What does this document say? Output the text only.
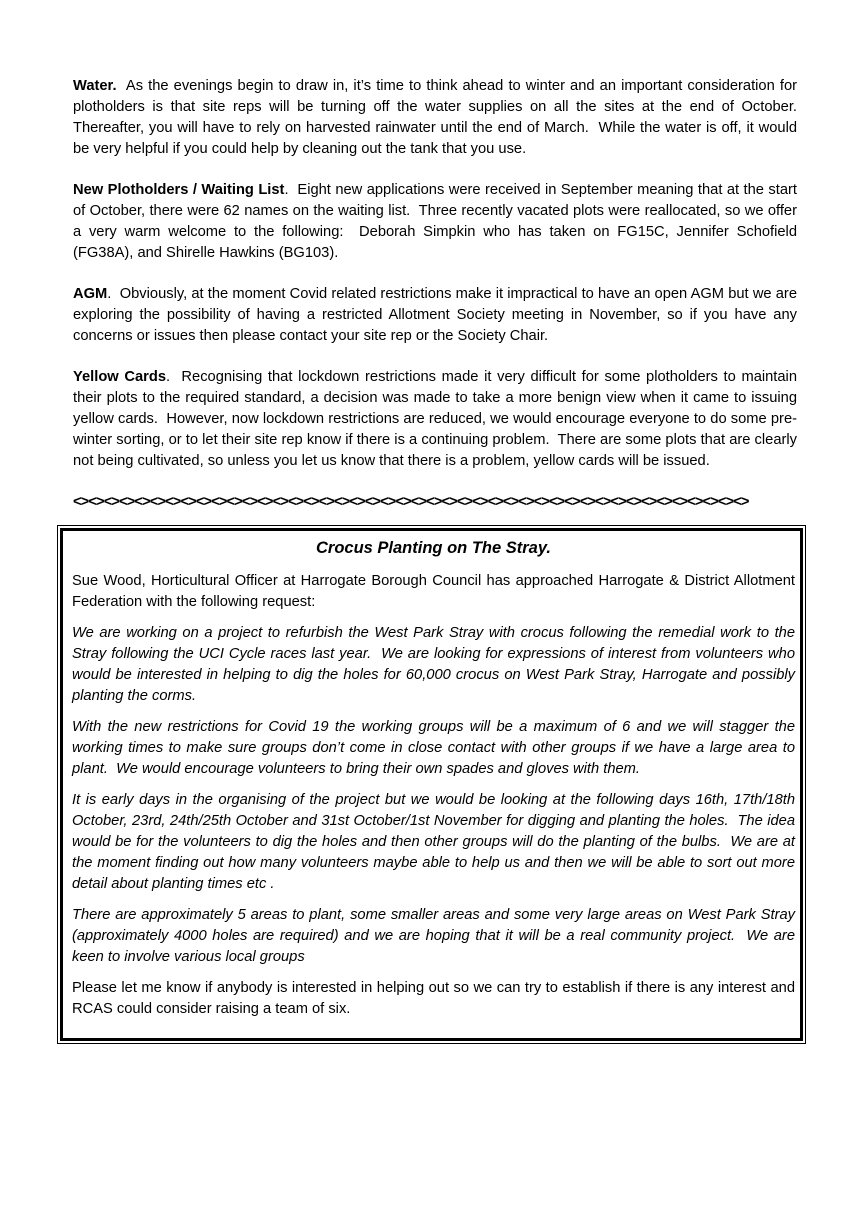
Water.  As the evenings begin to draw in, it’s time to think ahead to winter and an important consideration for plotholders is that site reps will be turning off the water supplies on all the sites at the end of October.  Thereafter, you will have to rely on harvested rainwater until the end of March.  While the water is off, it would be very helpful if you could help by cleaning out the tank that you use.

New Plotholders / Waiting List.  Eight new applications were received in September meaning that at the start of October, there were 62 names on the waiting list.  Three recently vacated plots were reallocated, so we offer a very warm welcome to the following:  Deborah Simpkin who has taken on FG15C, Jennifer Schofield (FG38A), and Shirelle Hawkins (BG103).

AGM.  Obviously, at the moment Covid related restrictions make it impractical to have an open AGM but we are exploring the possibility of having a restricted Allotment Society meeting in November, so if you have any concerns or issues then please contact your site rep or the Society Chair.

Yellow Cards.  Recognising that lockdown restrictions made it very difficult for some plotholders to maintain their plots to the required standard, a decision was made to take a more benign view when it came to issuing yellow cards.  However, now lockdown restrictions are reduced, we would encourage everyone to do some pre-winter sorting, or to let their site rep know if there is a continuing problem.  There are some plots that are clearly not being cultivated, so unless you let us know that there is a problem, yellow cards will be issued.

<><><><><><><><><><><><><><><><><><><><><><><><><><><><><><><><><><><><><><><><><><><><>

Crocus Planting on The Stray.

Sue Wood, Horticultural Officer at Harrogate Borough Council has approached Harrogate & District Allotment Federation with the following request:

We are working on a project to refurbish the West Park Stray with crocus following the remedial work to the Stray following the UCI Cycle races last year.  We are looking for expressions of interest from volunteers who would be interested in helping to dig the holes for 60,000 crocus on West Park Stray, Harrogate and possibly planting the corms.

With the new restrictions for Covid 19 the working groups will be a maximum of 6 and we will stagger the working times to make sure groups don’t come in close contact with other groups if we have a large area to plant.  We would encourage volunteers to bring their own spades and gloves with them.

It is early days in the organising of the project but we would be looking at the following days 16th, 17th/18th October, 23rd, 24th/25th October and 31st October/1st November for digging and planting the holes.  The idea would be for the volunteers to dig the holes and then other groups will do the planting of the bulbs.  We are at the moment finding out how many volunteers maybe able to help us and then we will be able to sort out more detail about planting times etc .

There are approximately 5 areas to plant, some smaller areas and some very large areas on West Park Stray (approximately 4000 holes are required) and we are hoping that it will be a real community project.  We are keen to involve various local groups

Please let me know if anybody is interested in helping out so we can try to establish if there is any interest and RCAS could consider raising a team of six.
